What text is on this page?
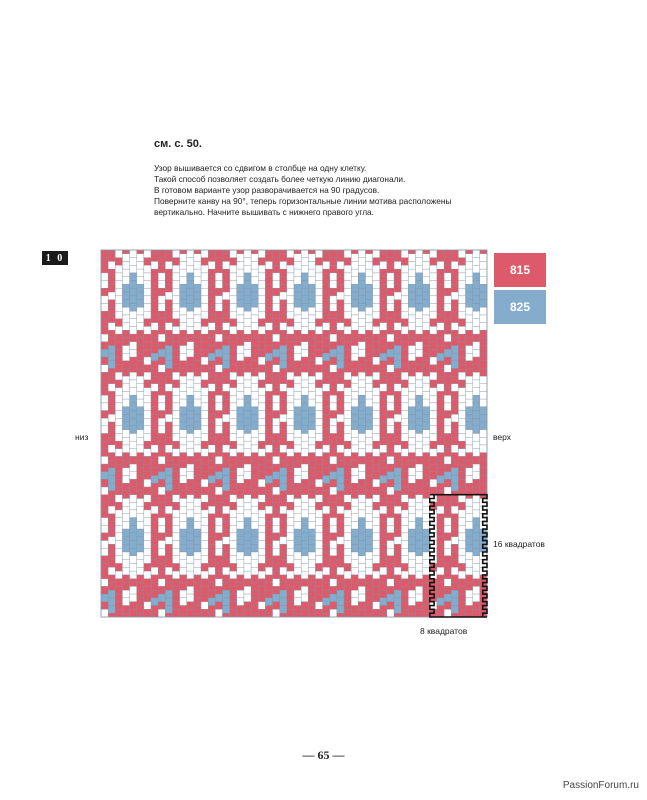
см. с. 50.

Узор вышивается со сдвигом в столбце на одну клетку.
Такой способ позволяет создать более четкую линию диагонали.
В готовом варианте узор разворачивается на 90 градусов.
Поверните канву на 90°, теперь горизонтальные линии мотива расположены
вертикально. Начните вышивать с нижнего правого угла.
1 0
815
825
низ	верх
16 квадратов
8 квадратов
— 65 —
PassionForum.ru
